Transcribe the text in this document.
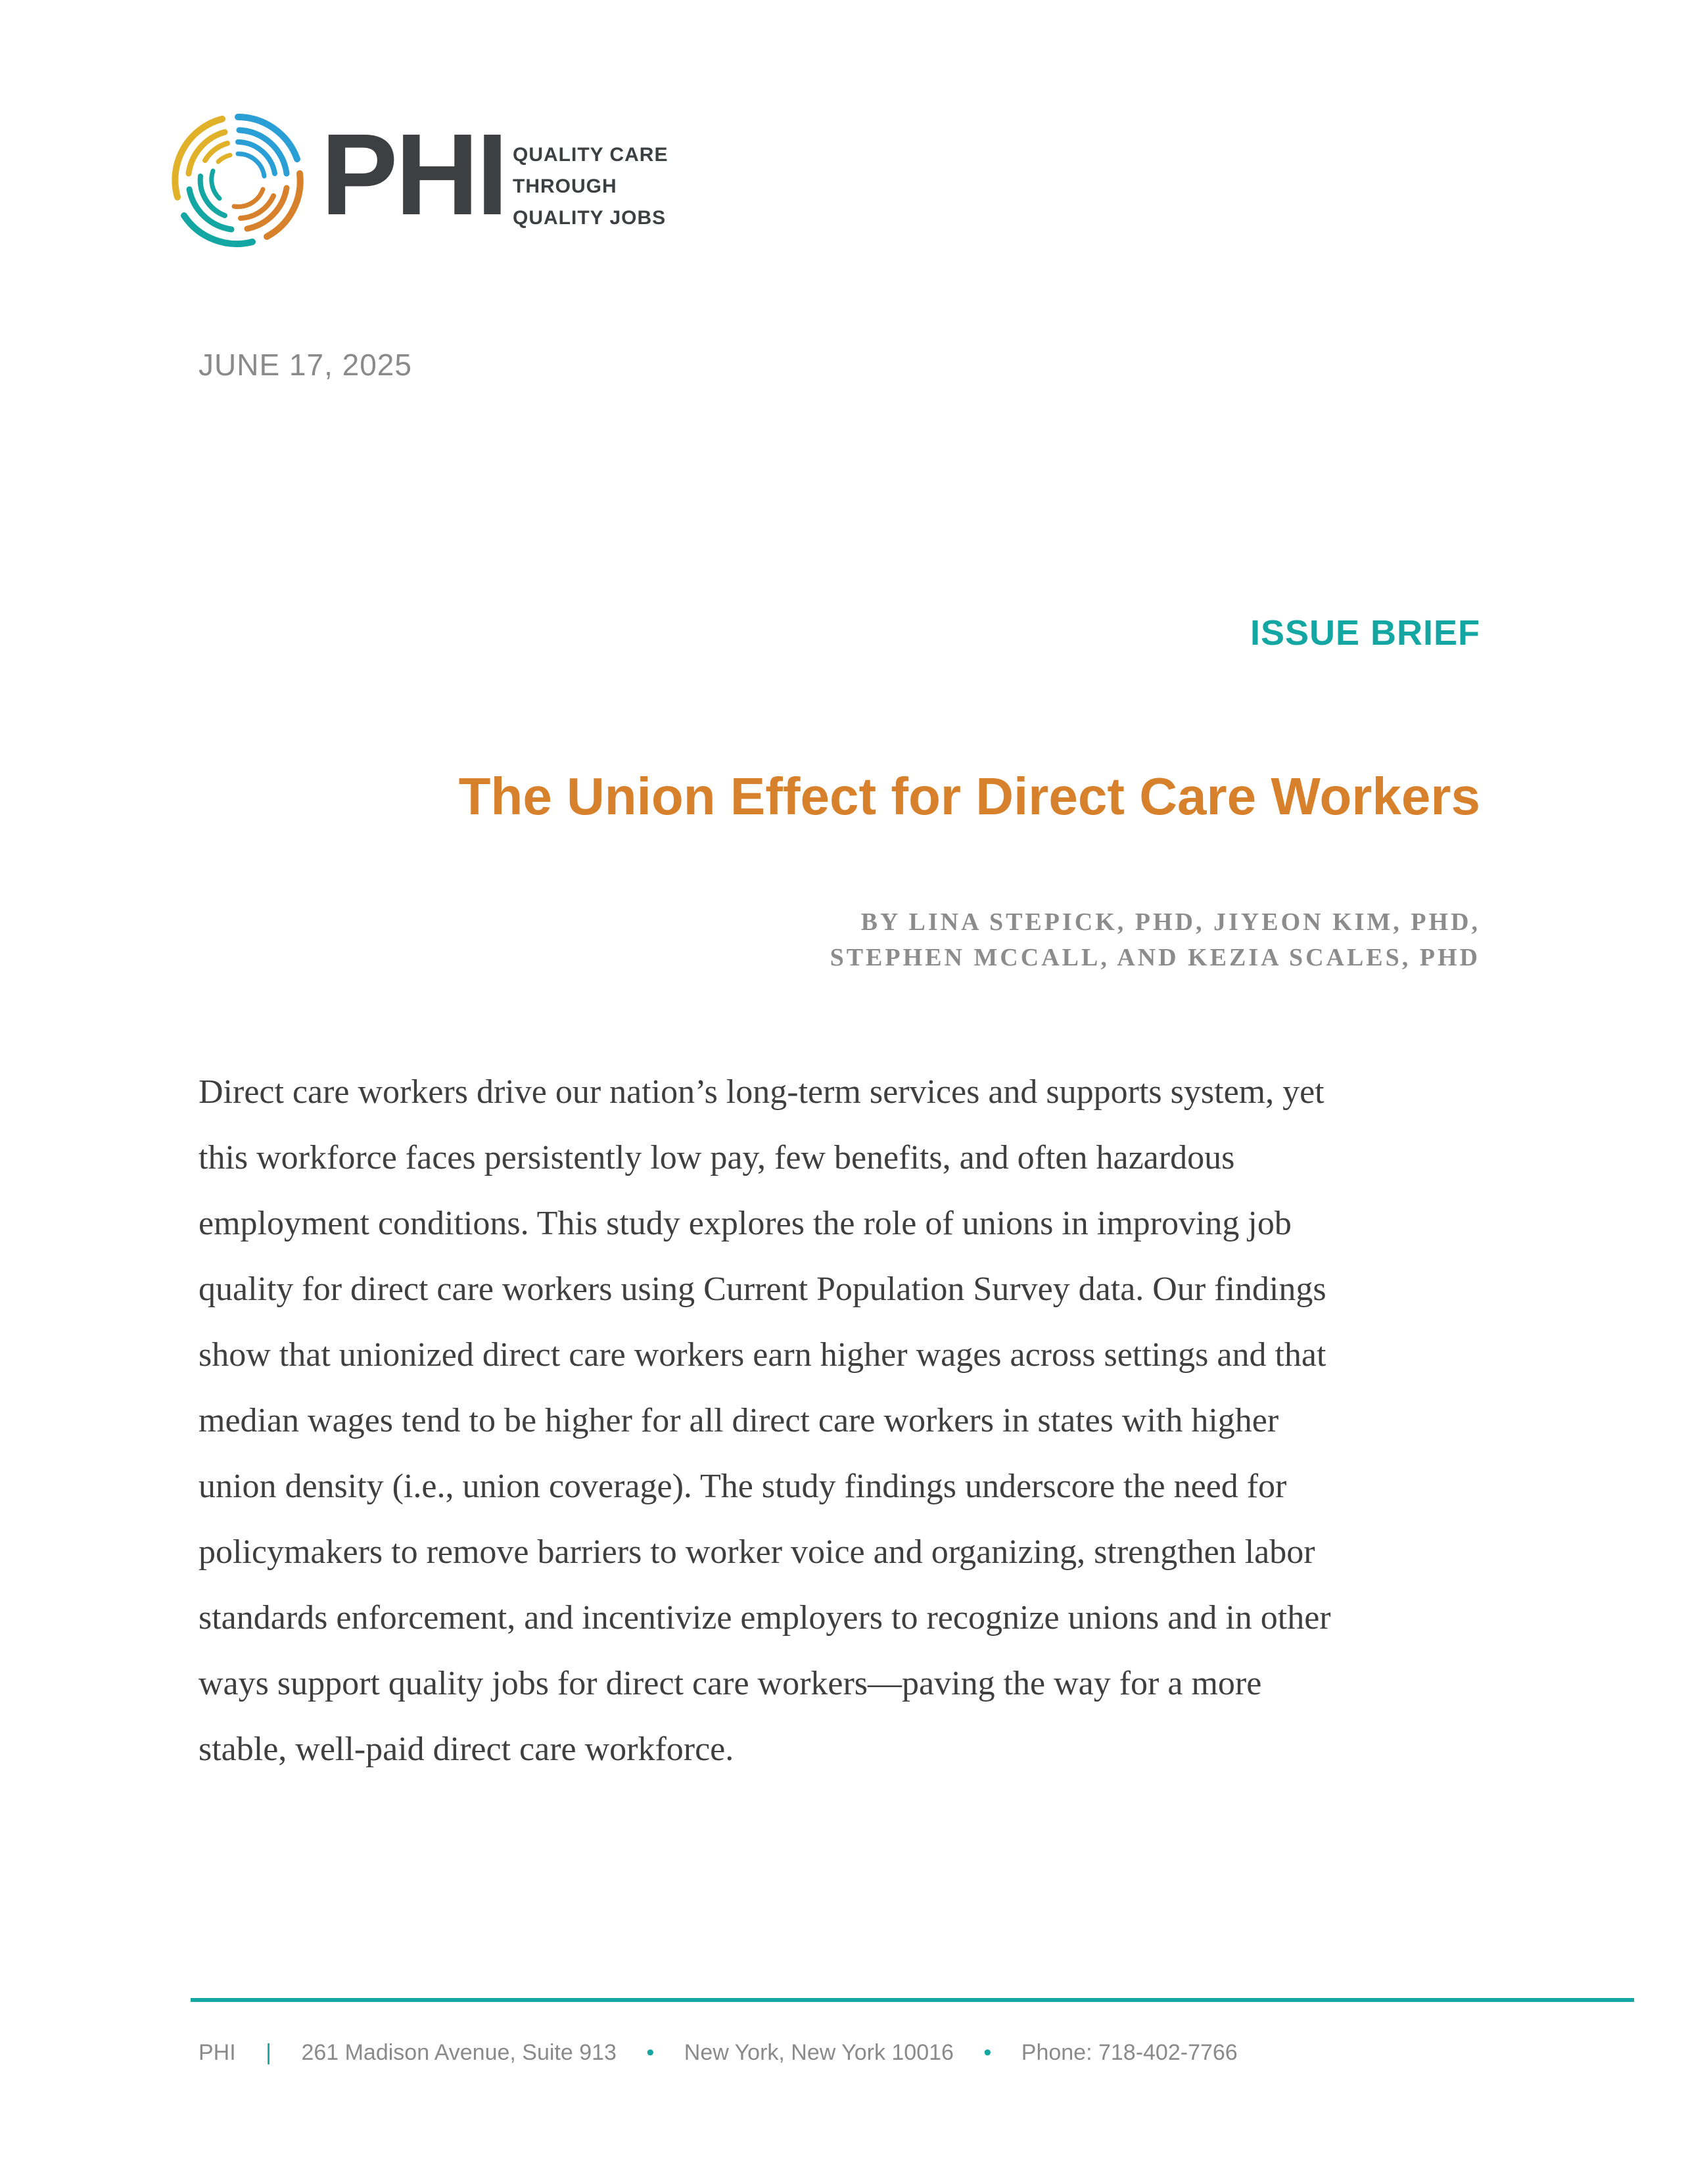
PHI QUALITY CARE
THROUGH
QUALITY JOBS
JUNE 17, 2025
ISSUE BRIEF
The Union Effect for Direct Care Workers
BY LINA STEPICK, PHD, JIYEON KIM, PHD,
STEPHEN MCCALL, AND KEZIA SCALES, PHD
Direct care workers drive our nation’s long-term services and supports system, yet
this workforce faces persistently low pay, few benefits, and often hazardous
employment conditions. This study explores the role of unions in improving job
quality for direct care workers using Current Population Survey data. Our findings
show that unionized direct care workers earn higher wages across settings and that
median wages tend to be higher for all direct care workers in states with higher
union density (i.e., union coverage). The study findings underscore the need for
policymakers to remove barriers to worker voice and organizing, strengthen labor
standards enforcement, and incentivize employers to recognize unions and in other
ways support quality jobs for direct care workers—paving the way for a more
stable, well-paid direct care workforce.
PHI | 261 Madison Avenue, Suite 913 • New York, New York 10016 • Phone: 718-402-7766
